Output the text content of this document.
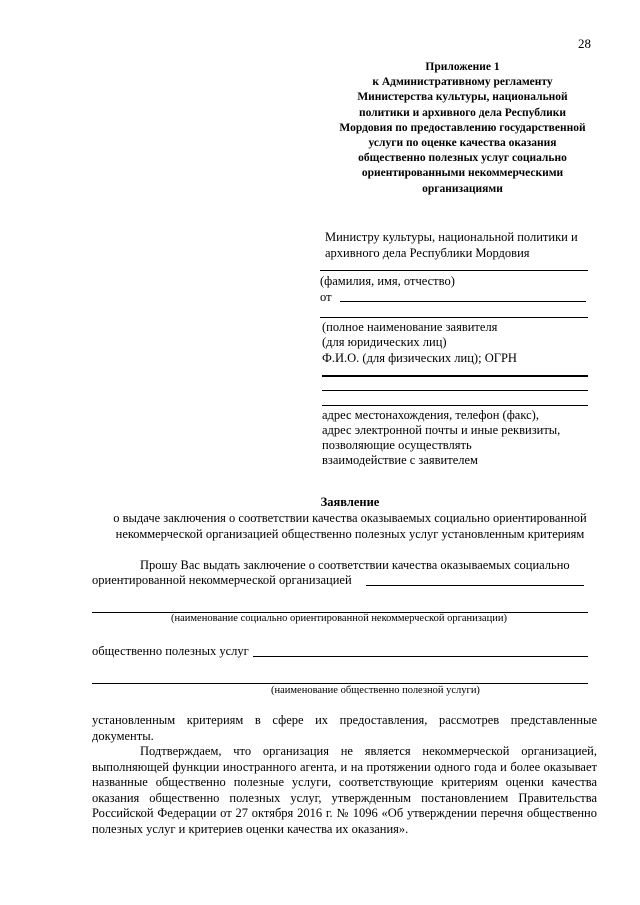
28
Приложение 1
к Административному регламенту
Министерства культуры, национальной
политики и архивного дела Республики
Мордовия по предоставлению государственной
услуги по оценке качества оказания
общественно полезных услуг социально
ориентированными некоммерческими
организациями
Министру культуры, национальной политики и
архивного дела Республики Мордовия
(фамилия, имя, отчество)
от
(полное наименование заявителя
(для юридических лиц)
Ф.И.О. (для физических лиц); ОГРН
адрес местонахождения, телефон (факс),
адрес электронной почты и иные реквизиты,
позволяющие осуществлять
взаимодействие с заявителем
Заявление
о выдаче заключения о соответствии качества оказываемых социально ориентированной
некоммерческой организацией общественно полезных услуг установленным критериям
Прошу Вас выдать заключение о соответствии качества оказываемых социально
ориентированной некоммерческой организацией
(наименование социально ориентированной некоммерческой организации)
общественно полезных услуг
(наименование общественно полезной услуги)

установленным критериям в сфере их предоставления, рассмотрев представленные документы.

Подтверждаем, что организация не является некоммерческой организацией, выполняющей функции иностранного агента, и на протяжении одного года и более оказывает названные общественно полезные услуги, соответствующие критериям оценки качества оказания общественно полезных услуг, утвержденным постановлением Правительства Российской Федерации от 27 октября 2016 г. № 1096 «Об утверждении перечня общественно полезных услуг и критериев оценки качества их оказания».
